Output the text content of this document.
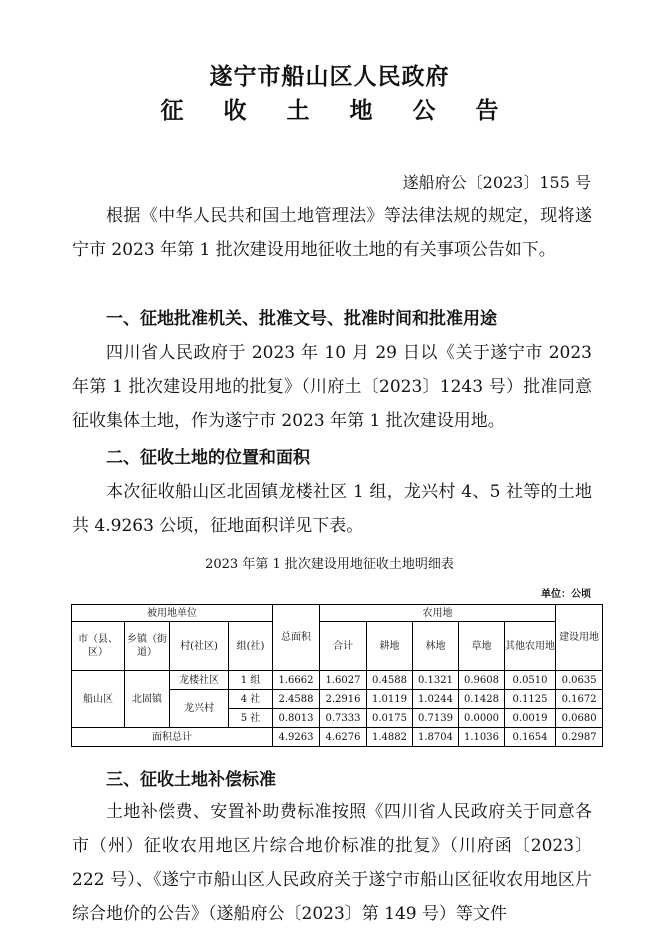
遂宁市船山区人民政府
征 收 土 地 公 告
遂船府公〔2023〕155 号

根据《中华人民共和国土地管理法》等法律法规的规定，现将遂宁市 2023 年第 1 批次建设用地征收土地的有关事项公告如下。

一、征地批准机关、批准文号、批准时间和批准用途

四川省人民政府于 2023 年 10 月 29 日以《关于遂宁市 2023 年第 1 批次建设用地的批复》（川府土〔2023〕1243 号）批准同意征收集体土地，作为遂宁市 2023 年第 1 批次建设用地。

二、征收土地的位置和面积

本次征收船山区北固镇龙楼社区 1 组，龙兴村 4、5 社等的土地共 4.9263 公顷，征地面积详见下表。

2023 年第 1 批次建设用地征收土地明细表
单位：公顷
被用地单位				总面积	农用地					建设用地
市（县、区）	乡镇（街道）	村(社区)	组(社)		合计	耕地	林地	草地	其他农用地	
船山区	北固镇	龙楼社区	1 组	1.6662	1.6027	0.4588	0.1321	0.9608	0.0510	0.0635
		龙兴村	4 社	2.4588	2.2916	1.0119	1.0244	0.1428	0.1125	0.1672
			5 社	0.8013	0.7333	0.0175	0.7139	0.0000	0.0019	0.0680
面积总计				4.9263	4.6276	1.4882	1.8704	1.1036	0.1654	0.2987

三、征收土地补偿标准

土地补偿费、安置补助费标准按照《四川省人民政府关于同意各市（州）征收农用地区片综合地价标准的批复》（川府函〔2023〕222 号）、《遂宁市船山区人民政府关于遂宁市船山区征收农用地区片综合地价的公告》（遂船府公〔2023〕第 149 号）等文件
